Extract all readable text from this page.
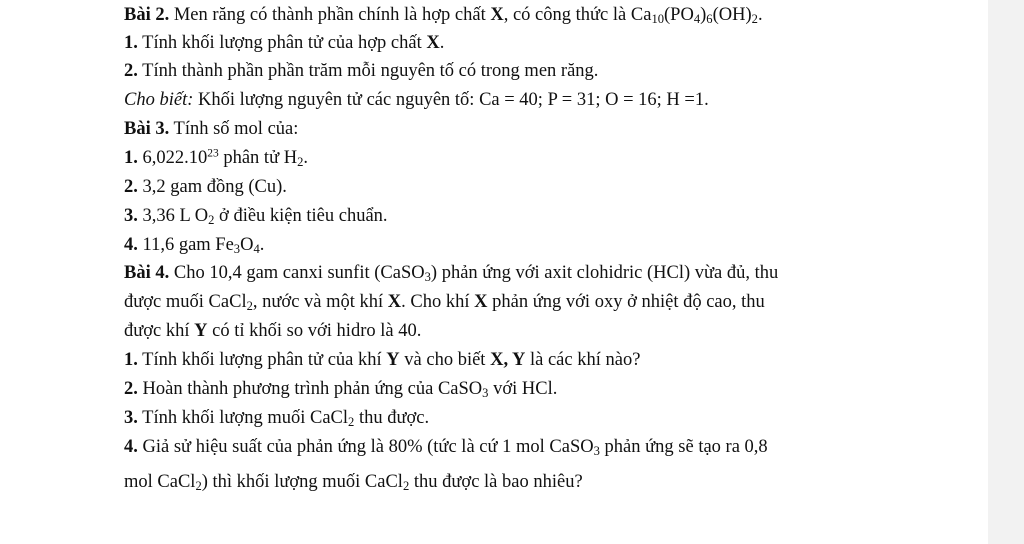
Bài 2. Men răng có thành phần chính là hợp chất X, có công thức là $Ca_{10}(PO_4)_6(OH)_2$.
1. Tính khối lượng phân tử của hợp chất X.
2. Tính thành phần phần trăm mỗi nguyên tố có trong men răng.
Cho biết: Khối lượng nguyên tử các nguyên tố: Ca = 40; P = 31; O = 16; H =1.
Bài 3. Tính số mol của:
1. 6,022.10$^{23}$ phân tử $H_2$.
2. 3,2 gam đồng (Cu).
3. 3,36 L $O_2$ ở điều kiện tiêu chuẩn.
4. 11,6 gam $Fe_3O_4$.
Bài 4. Cho 10,4 gam canxi sunfit (CaSO$_3$) phản ứng với axit clohidric (HCl) vừa đủ, thu
được muối CaCl$_2$, nước và một khí X. Cho khí X phản ứng với oxy ở nhiệt độ cao, thu
được khí Y có tỉ khối so với hidro là 40.
1. Tính khối lượng phân tử của khí Y và cho biết X, Y là các khí nào?
2. Hoàn thành phương trình phản ứng của CaSO$_3$ với HCl.
3. Tính khối lượng muối CaCl$_2$ thu được.
4. Giả sử hiệu suất của phản ứng là 80% (tức là cứ 1 mol CaSO$_3$ phản ứng sẽ tạo ra 0,8
mol CaCl$_2$) thì khối lượng muối CaCl$_2$ thu được là bao nhiêu?
